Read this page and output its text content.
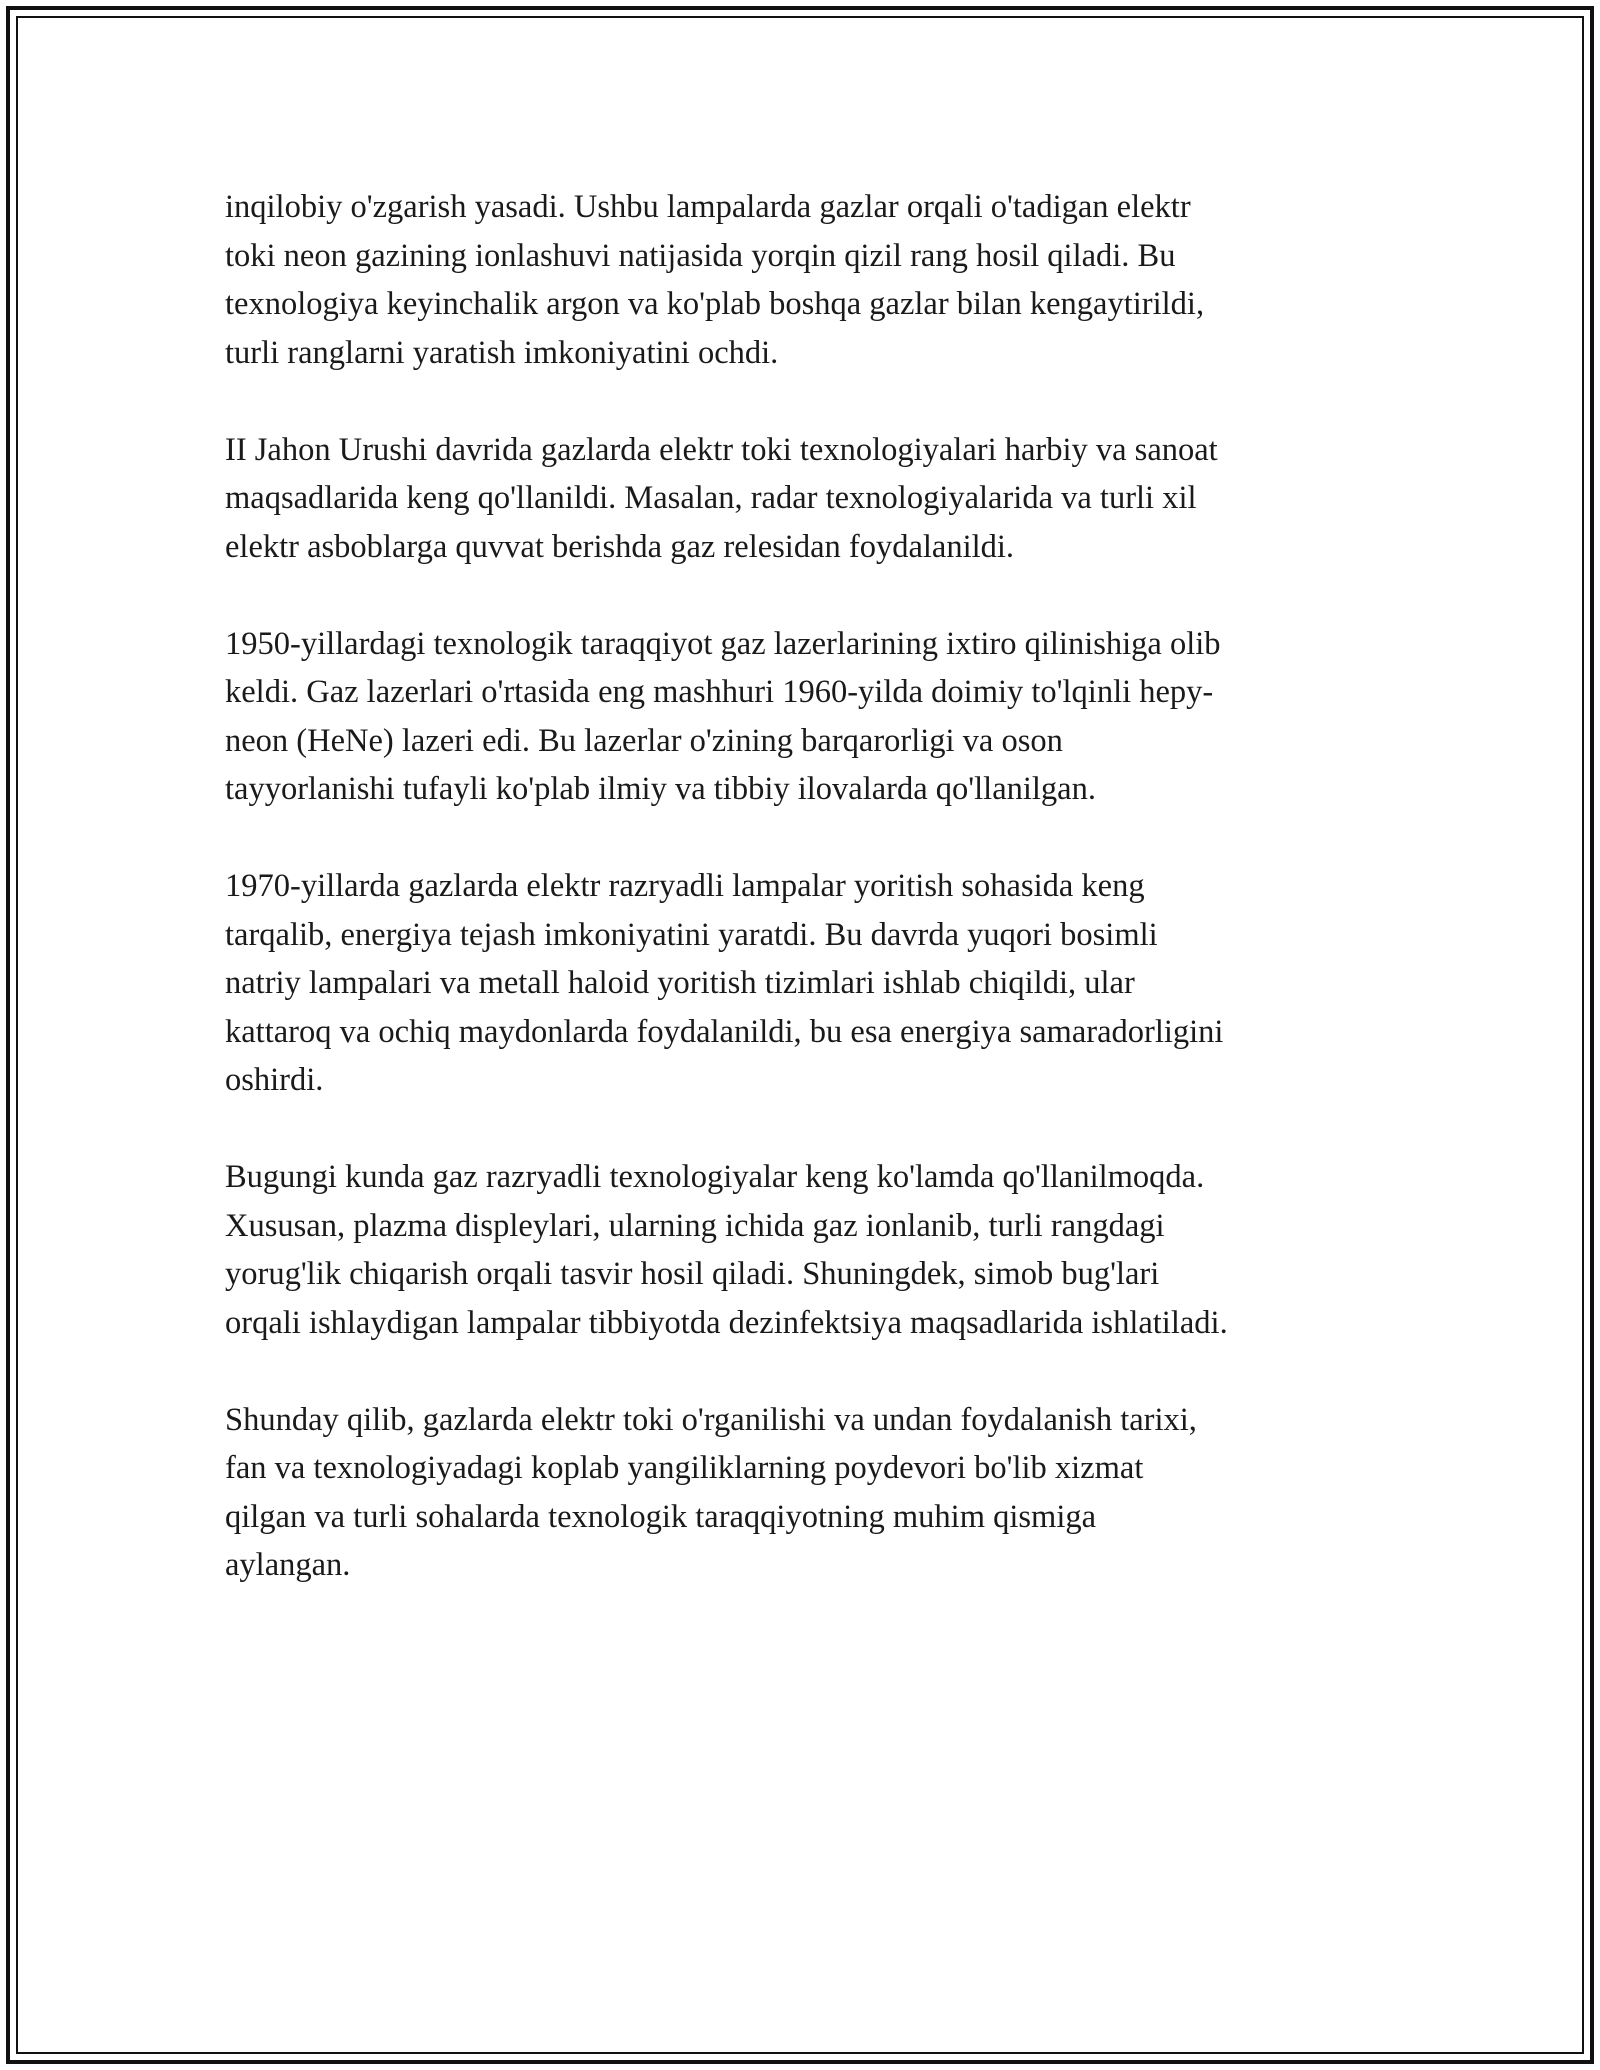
inqilobiy o'zgarish yasadi. Ushbu lampalarda gazlar orqali o'tadigan elektr
toki neon gazining ionlashuvi natijasida yorqin qizil rang hosil qiladi. Bu
texnologiya keyinchalik argon va ko'plab boshqa gazlar bilan kengaytirildi,
turli ranglarni yaratish imkoniyatini ochdi.

II Jahon Urushi davrida gazlarda elektr toki texnologiyalari harbiy va sanoat
maqsadlarida keng qo'llanildi. Masalan, radar texnologiyalarida va turli xil
elektr asboblarga quvvat berishda gaz relesidan foydalanildi.

1950-yillardagi texnologik taraqqiyot gaz lazerlarining ixtiro qilinishiga olib
keldi. Gaz lazerlari o'rtasida eng mashhuri 1960-yilda doimiy to'lqinli hepy-
neon (HeNe) lazeri edi. Bu lazerlar o'zining barqarorligi va oson
tayyorlanishi tufayli ko'plab ilmiy va tibbiy ilovalarda qo'llanilgan.

1970-yillarda gazlarda elektr razryadli lampalar yoritish sohasida keng
tarqalib, energiya tejash imkoniyatini yaratdi. Bu davrda yuqori bosimli
natriy lampalari va metall haloid yoritish tizimlari ishlab chiqildi, ular
kattaroq va ochiq maydonlarda foydalanildi, bu esa energiya samaradorligini
oshirdi.

Bugungi kunda gaz razryadli texnologiyalar keng ko'lamda qo'llanilmoqda.
Xususan, plazma displeylari, ularning ichida gaz ionlanib, turli rangdagi
yorug'lik chiqarish orqali tasvir hosil qiladi. Shuningdek, simob bug'lari
orqali ishlaydigan lampalar tibbiyotda dezinfektsiya maqsadlarida ishlatiladi.

Shunday qilib, gazlarda elektr toki o'rganilishi va undan foydalanish tarixi,
fan va texnologiyadagi koplab yangiliklarning poydevori bo'lib xizmat
qilgan va turli sohalarda texnologik taraqqiyotning muhim qismiga
aylangan.
